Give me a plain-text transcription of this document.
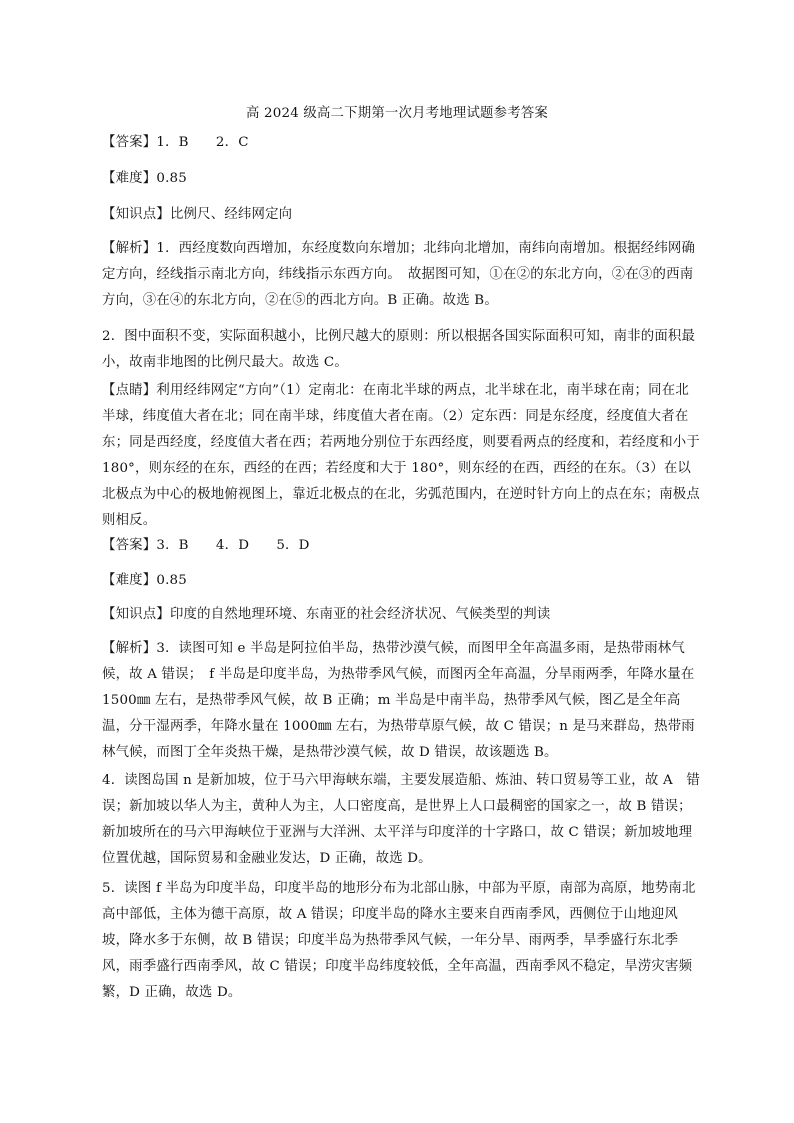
高 2024 级高二下期第一次月考地理试题参考答案

【答案】1．B　　2．C

【难度】0.85

【知识点】比例尺、经纬网定向

【解析】1．西经度数向西增加，东经度数向东增加；北纬向北增加，南纬向南增加。根据经纬网确定方向，经线指示南北方向，纬线指示东西方向。　故据图可知，①在②的东北方向，②在③的西南方向，③在④的东北方向，②在⑤的西北方向。B 正确。故选 B。

2．图中面积不变，实际面积越小，比例尺越大的原则：所以根据各国实际面积可知，南非的面积最小，故南非地图的比例尺最大。故选 C。

【点睛】利用经纬网定“方向”（1）定南北：在南北半球的两点，北半球在北，南半球在南；同在北半球，纬度值大者在北；同在南半球，纬度值大者在南。（2）定东西：同是东经度，经度值大者在东；同是西经度，经度值大者在西；若两地分别位于东西经度，则要看两点的经度和，若经度和小于 180°，则东经的在东，西经的在西；若经度和大于 180°，则东经的在西，西经的在东。（3）在以北极点为中心的极地俯视图上，靠近北极点的在北，劣弧范围内，在逆时针方向上的点在东；南极点则相反。

【答案】3．B　　4．D　　5．D

【难度】0.85

【知识点】印度的自然地理环境、东南亚的社会经济状况、气候类型的判读

【解析】3．读图可知 e 半岛是阿拉伯半岛，热带沙漠气候，而图甲全年高温多雨，是热带雨林气候，故 A 错误；　f 半岛是印度半岛，为热带季风气候，而图丙全年高温，分旱雨两季，年降水量在 1500㎜ 左右，是热带季风气候，故 B 正确；m 半岛是中南半岛，热带季风气候，图乙是全年高温，分干湿两季，年降水量在 1000㎜ 左右，为热带草原气候，故 C 错误；n 是马来群岛，热带雨林气候，而图丁全年炎热干燥，是热带沙漠气候，故 D 错误，故该题选 B。

4．读图岛国 n 是新加坡，位于马六甲海峡东端，主要发展造船、炼油、转口贸易等工业，故 A　错误；新加坡以华人为主，黄种人为主，人口密度高，是世界上人口最稠密的国家之一，故 B 错误；新加坡所在的马六甲海峡位于亚洲与大洋洲、太平洋与印度洋的十字路口，故 C 错误；新加坡地理位置优越，国际贸易和金融业发达，D 正确，故选 D。

5．读图 f 半岛为印度半岛，印度半岛的地形分布为北部山脉，中部为平原，南部为高原，地势南北高中部低，主体为德干高原，故 A 错误；印度半岛的降水主要来自西南季风，西侧位于山地迎风坡，降水多于东侧，故 B 错误；印度半岛为热带季风气候，一年分旱、雨两季，旱季盛行东北季风，雨季盛行西南季风，故 C 错误；印度半岛纬度较低，全年高温，西南季风不稳定，旱涝灾害频繁，D 正确，故选 D。
